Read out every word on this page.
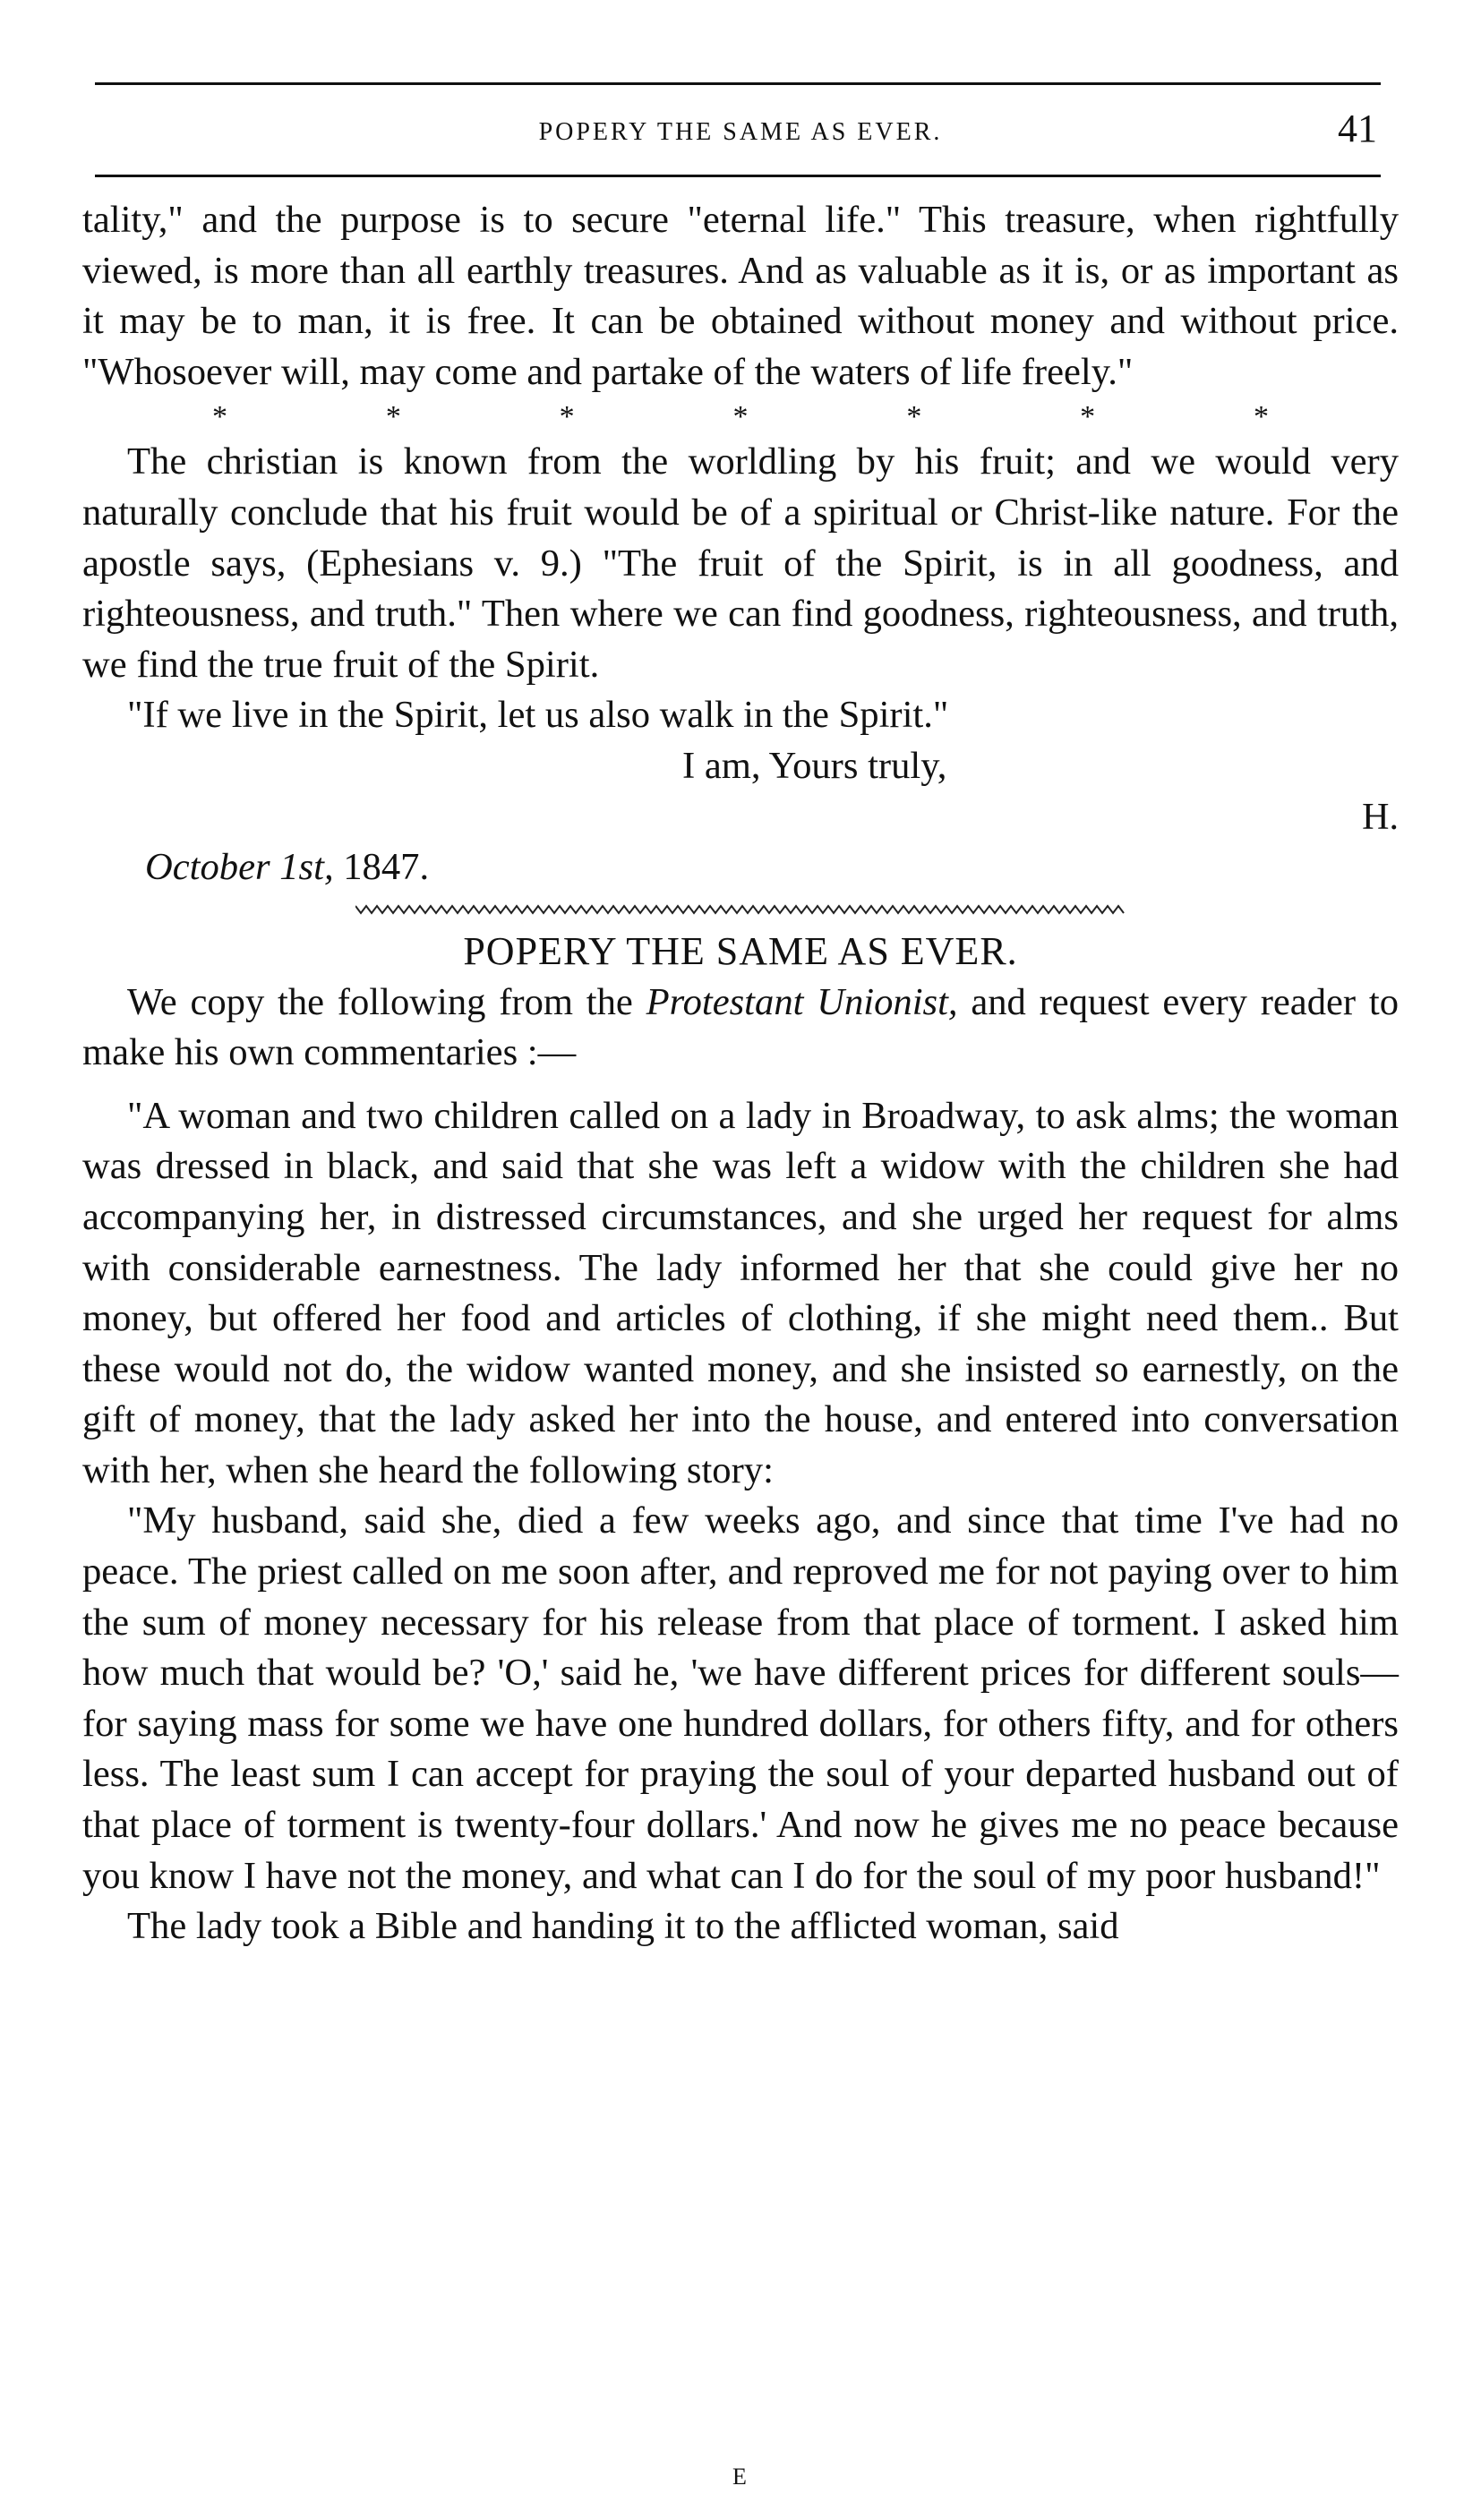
POPERY THE SAME AS EVER.	41

tality," and the purpose is to secure "eternal life." This treasure, when rightfully viewed, is more than all earthly treasures. And as valuable as it is, or as important as it may be to man, it is free. It can be obtained without money and without price. "Whosoever will, may come and partake of the waters of life freely."

*	*	*	*	*	*	*

The christian is known from the worldling by his fruit; and we would very naturally conclude that his fruit would be of a spiritual or Christ-like nature. For the apostle says, (Ephesians v. 9.) "The fruit of the Spirit, is in all goodness, and righteousness, and truth." Then where we can find goodness, righteousness, and truth, we find the true fruit of the Spirit.

"If we live in the Spirit, let us also walk in the Spirit."

I am, Yours truly,

H.
October 1st, 1847.

POPERY THE SAME AS EVER.

We copy the following from the Protestant Unionist, and request every reader to make his own commentaries :—

"A woman and two children called on a lady in Broadway, to ask alms; the woman was dressed in black, and said that she was left a widow with the children she had accompanying her, in distressed circumstances, and she urged her request for alms with considerable earnestness. The lady informed her that she could give her no money, but offered her food and articles of clothing, if she might need them.. But these would not do, the widow wanted money, and she insisted so earnestly, on the gift of money, that the lady asked her into the house, and entered into conversation with her, when she heard the following story:

"My husband, said she, died a few weeks ago, and since that time I've had no peace. The priest called on me soon after, and reproved me for not paying over to him the sum of money necessary for his release from that place of torment. I asked him how much that would be? 'O,' said he, 'we have different prices for different souls—for saying mass for some we have one hundred dollars, for others fifty, and for others less. The least sum I can accept for praying the soul of your departed husband out of that place of torment is twenty-four dollars.' And now he gives me no peace because you know I have not the money, and what can I do for the soul of my poor husband!"

The lady took a Bible and handing it to the afflicted woman, said

E
